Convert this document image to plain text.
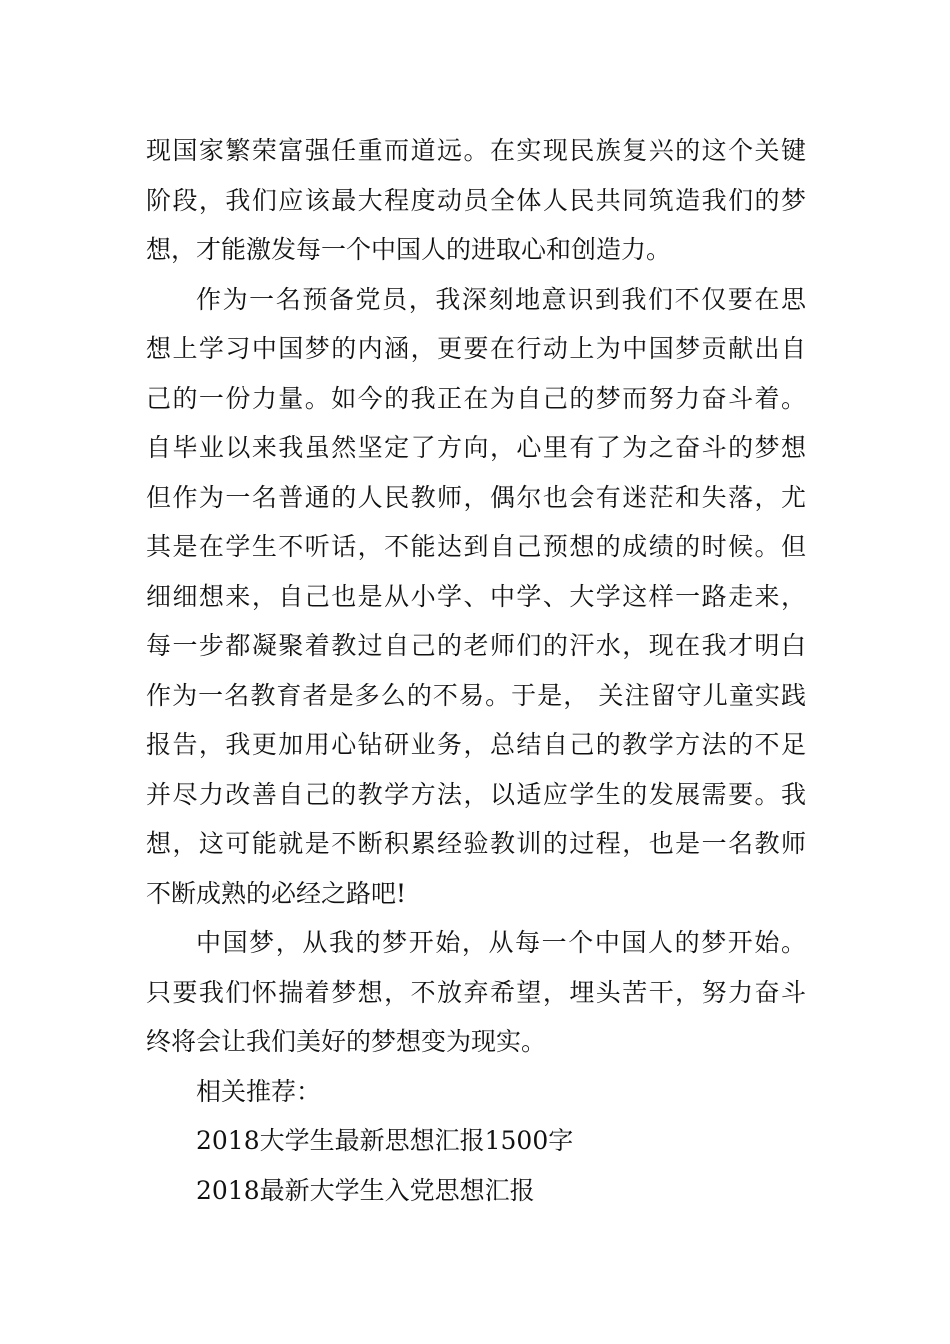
现国家繁荣富强任重而道远。在实现民族复兴的这个关键
阶段，我们应该最大程度动员全体人民共同筑造我们的梦
想，才能激发每一个中国人的进取心和创造力。
作为一名预备党员，我深刻地意识到我们不仅要在思
想上学习中国梦的内涵，更要在行动上为中国梦贡献出自
己的一份力量。如今的我正在为自己的梦而努力奋斗着。
自毕业以来我虽然坚定了方向，心里有了为之奋斗的梦想
但作为一名普通的人民教师，偶尔也会有迷茫和失落，尤
其是在学生不听话，不能达到自己预想的成绩的时候。但
细细想来，自己也是从小学、中学、大学这样一路走来，
每一步都凝聚着教过自己的老师们的汗水，现在我才明白
作为一名教育者是多么的不易。于是， 关注留守儿童实践
报告，我更加用心钻研业务，总结自己的教学方法的不足
并尽力改善自己的教学方法，以适应学生的发展需要。我
想，这可能就是不断积累经验教训的过程，也是一名教师
不断成熟的必经之路吧!
中国梦，从我的梦开始，从每一个中国人的梦开始。
只要我们怀揣着梦想，不放弃希望，埋头苦干，努力奋斗
终将会让我们美好的梦想变为现实。
相关推荐：
2018大学生最新思想汇报1500字
2018最新大学生入党思想汇报
